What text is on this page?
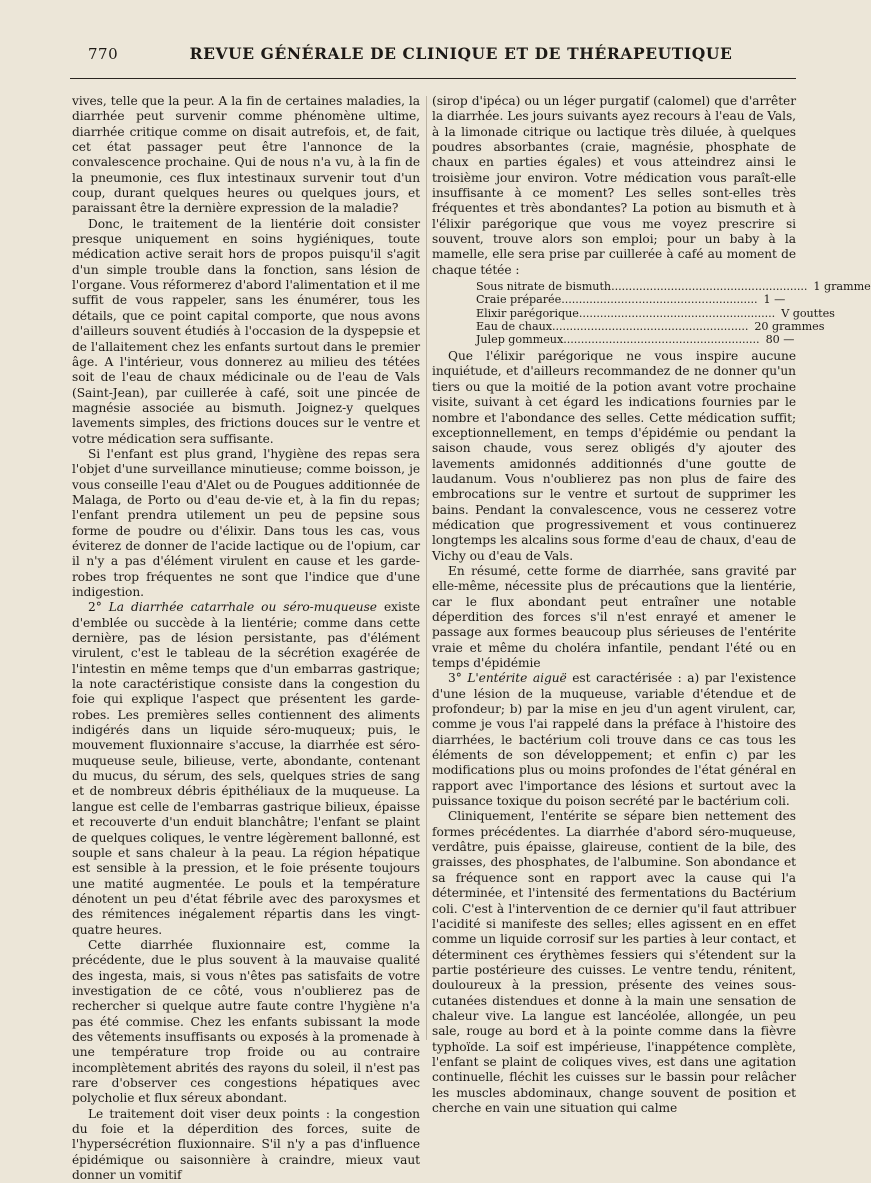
770	REVUE GÉNÉRALE DE CLINIQUE ET DE THÉRAPEUTIQUE

vives, telle que la peur. A la fin de certaines maladies, la diarrhée peut survenir comme phénomène ultime, diarrhée critique comme on disait autrefois, et, de fait, cet état passager peut être l'annonce de la convalescence prochaine. Qui de nous n'a vu, à la fin de la pneumonie, ces flux intestinaux survenir tout d'un coup, durant quelques heures ou quelques jours, et paraissant être la dernière expression de la maladie?

Donc, le traitement de la lientérie doit consister presque uniquement en soins hygiéniques, toute médication active serait hors de propos puisqu'il s'agit d'un simple trouble dans la fonction, sans lésion de l'organe. Vous réformerez d'abord l'alimentation et il me suffit de vous rappeler, sans les énumérer, tous les détails, que ce point capital comporte, que nous avons d'ailleurs souvent étudiés à l'occasion de la dyspepsie et de l'allaitement chez les enfants surtout dans le premier âge. A l'intérieur, vous donnerez au milieu des tétées soit de l'eau de chaux médicinale ou de l'eau de Vals (Saint-Jean), par cuillerée à café, soit une pincée de magnésie associée au bismuth. Joignez-y quelques lavements simples, des frictions douces sur le ventre et votre médication sera suffisante.

Si l'enfant est plus grand, l'hygiène des repas sera l'objet d'une surveillance minutieuse; comme boisson, je vous conseille l'eau d'Alet ou de Pougues additionnée de Malaga, de Porto ou d'eau de-vie et, à la fin du repas; l'enfant prendra utilement un peu de pepsine sous forme de poudre ou d'élixir. Dans tous les cas, vous éviterez de donner de l'acide lactique ou de l'opium, car il n'y a pas d'élément virulent en cause et les garde-robes trop fréquentes ne sont que l'indice que d'une indigestion.

2° La diarrhée catarrhale ou séro-muqueuse existe d'emblée ou succède à la lientérie; comme dans cette dernière, pas de lésion persistante, pas d'élément virulent, c'est le tableau de la sécrétion exagérée de l'intestin en même temps que d'un embarras gastrique; la note caractéristique consiste dans la congestion du foie qui explique l'aspect que présentent les garde-robes. Les premières selles contiennent des aliments indigérés dans un liquide séro-muqueux; puis, le mouvement fluxionnaire s'accuse, la diarrhée est séro-muqueuse seule, bilieuse, verte, abondante, contenant du mucus, du sérum, des sels, quelques stries de sang et de nombreux débris épithéliaux de la muqueuse. La langue est celle de l'embarras gastrique bilieux, épaisse et recouverte d'un enduit blanchâtre; l'enfant se plaint de quelques coliques, le ventre légèrement ballonné, est souple et sans chaleur à la peau. La région hépatique est sensible à la pression, et le foie présente toujours une matité augmentée. Le pouls et la température dénotent un peu d'état fébrile avec des paroxysmes et des rémitences inégalement répartis dans les vingt-quatre heures.

Cette diarrhée fluxionnaire est, comme la précédente, due le plus souvent à la mauvaise qualité des ingesta, mais, si vous n'êtes pas satisfaits de votre investigation de ce côté, vous n'oublierez pas de rechercher si quelque autre faute contre l'hygiène n'a pas été commise. Chez les enfants subissant la mode des vêtements insuffisants ou exposés à la promenade à une température trop froide ou au contraire incomplètement abrités des rayons du soleil, il n'est pas rare d'observer ces congestions hépatiques avec polycholie et flux séreux abondant.

Le traitement doit viser deux points : la congestion du foie et la déperdition des forces, suite de l'hypersécrétion fluxionnaire. S'il n'y a pas d'influence épidémique ou saisonnière à craindre, mieux vaut donner un vomitif

(sirop d'ipéca) ou un léger purgatif (calomel) que d'arrêter la diarrhée. Les jours suivants ayez recours à l'eau de Vals, à la limonade citrique ou lactique très diluée, à quelques poudres absorbantes (craie, magnésie, phosphate de chaux en parties égales) et vous atteindrez ainsi le troisième jour environ. Votre médication vous paraît-elle insuffisante à ce moment? Les selles sont-elles très fréquentes et très abondantes? La potion au bismuth et à l'élixir parégorique que vous me voyez prescrire si souvent, trouve alors son emploi; pour un baby à la mamelle, elle sera prise par cuillerée à café au moment de chaque tétée :

Sous nitrate de bismuth .....	1 gramme
Craie préparée .....	1 —
Elixir parégorique .....	V gouttes
Eau de chaux .....	20 grammes
Julep gommeux .....	80 —

Que l'élixir parégorique ne vous inspire aucune inquiétude, et d'ailleurs recommandez de ne donner qu'un tiers ou que la moitié de la potion avant votre prochaine visite, suivant à cet égard les indications fournies par le nombre et l'abondance des selles. Cette médication suffit; exceptionnellement, en temps d'épidémie ou pendant la saison chaude, vous serez obligés d'y ajouter des lavements amidonnés additionnés d'une goutte de laudanum. Vous n'oublierez pas non plus de faire des embrocations sur le ventre et surtout de supprimer les bains. Pendant la convalescence, vous ne cesserez votre médication que progressivement et vous continuerez longtemps les alcalins sous forme d'eau de chaux, d'eau de Vichy ou d'eau de Vals.

En résumé, cette forme de diarrhée, sans gravité par elle-même, nécessite plus de précautions que la lientérie, car le flux abondant peut entraîner une notable déperdition des forces s'il n'est enrayé et amener le passage aux formes beaucoup plus sérieuses de l'entérite vraie et même du choléra infantile, pendant l'été ou en temps d'épidémie

3° L'entérite aiguë est caractérisée : a) par l'existence d'une lésion de la muqueuse, variable d'étendue et de profondeur; b) par la mise en jeu d'un agent virulent, car, comme je vous l'ai rappelé dans la préface à l'histoire des diarrhées, le bactérium coli trouve dans ce cas tous les éléments de son développement; et enfin c) par les modifications plus ou moins profondes de l'état général en rapport avec l'importance des lésions et surtout avec la puissance toxique du poison secrété par le bactérium coli.

Cliniquement, l'entérite se sépare bien nettement des formes précédentes. La diarrhée d'abord séro-muqueuse, verdâtre, puis épaisse, glaireuse, contient de la bile, des graisses, des phosphates, de l'albumine. Son abondance et sa fréquence sont en rapport avec la cause qui l'a déterminée, et l'intensité des fermentations du Bactérium coli. C'est à l'intervention de ce dernier qu'il faut attribuer l'acidité si manifeste des selles; elles agissent en en effet comme un liquide corrosif sur les parties à leur contact, et déterminent ces érythèmes fessiers qui s'étendent sur la partie postérieure des cuisses. Le ventre tendu, rénitent, douloureux à la pression, présente des veines sous-cutanées distendues et donne à la main une sensation de chaleur vive. La langue est lancéolée, allongée, un peu sale, rouge au bord et à la pointe comme dans la fièvre typhoïde. La soif est impérieuse, l'inappétence complète, l'enfant se plaint de coliques vives, est dans une agitation continuelle, fléchit les cuisses sur le bassin pour relâcher les muscles abdominaux, change souvent de position et cherche en vain une situation qui calme
